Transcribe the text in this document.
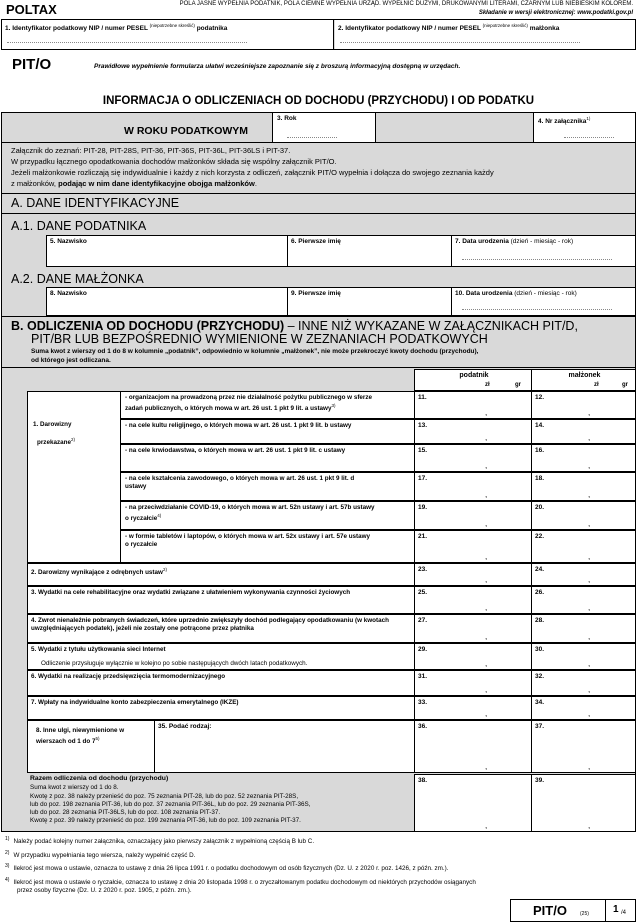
POLTAX	POLA JASNE WYPEŁNIA PODATNIK, POLA CIEMNE WYPEŁNIA URZĄD. WYPEŁNIĆ DUŻYMI, DRUKOWANYMI LITERAMI, CZARNYM LUB NIEBIESKIM KOLOREM.
Składanie w wersji elektronicznej: www.podatki.gov.pl
1. Identyfikator podatkowy NIP / numer PESEL $^{(niepotrzebne skreślić)}$ podatnika	2. Identyfikator podatkowy NIP / numer PESEL $^{(niepotrzebne skreślić)}$ małżonka
PIT/O	Prawidłowe wypełnienie formularza ułatwi wcześniejsze zapoznanie się z broszurą informacyjną dostępną w urzędach.
INFORMACJA O ODLICZENIACH OD DOCHODU (PRZYCHODU) I OD PODATKU
3. Rok	4. Nr załącznika$^{1)}$
W ROKU PODATKOWYM
Załącznik do zeznań: PIT-28, PIT-28S, PIT-36, PIT-36S, PIT-36L, PIT-36LS i PIT-37.
W przypadku łącznego opodatkowania dochodów małżonków składa się wspólny załącznik PIT/O.
Jeżeli małżonkowie rozliczają się indywidualnie i każdy z nich korzysta z odliczeń, załącznik PIT/O wypełnia i dołącza do swojego zeznania każdy
z małżonków, podając w nim dane identyfikacyjne obojga małżonków.
A. DANE IDENTYFIKACYJNE
A.1. DANE PODATNIKA
5. Nazwisko	6. Pierwsze imię	7. Data urodzenia (dzień - miesiąc - rok)
A.2. DANE MAŁŻONKA
8. Nazwisko	9. Pierwsze imię	10. Data urodzenia (dzień - miesiąc - rok)
B. ODLICZENIA OD DOCHODU (PRZYCHODU) – INNE NIŻ WYKAZANE W ZAŁĄCZNIKACH PIT/D,
PIT/BR LUB BEZPOŚREDNIO WYMIENIONE W ZEZNANIACH PODATKOWYCH
Suma kwot z wierszy od 1 do 8 w kolumnie „podatnik”, odpowiednio w kolumnie „małżonek”, nie może przekroczyć kwoty dochodu (przychodu),
od którego jest odliczana.
podatnik
zł	gr
małżonek
zł	gr
1. Darowizny
przekazane$^{2)}$
- organizacjom na prowadzoną przez nie działalność pożytku publicznego w sferze zadań publicznych, o których mowa w art. 26 ust. 1 pkt 9 lit. a ustawy$^{3)}$
11.
,
12.
,
- na cele kultu religijnego, o których mowa w art. 26 ust. 1 pkt 9 lit. b ustawy	13.
,
14.
,
- na cele krwiodawstwa, o których mowa w art. 26 ust. 1 pkt 9 lit. c ustawy	15.
,
16.
,
- na cele kształcenia zawodowego, o których mowa w art. 26 ust. 1 pkt 9 lit. d ustawy
17.
,
18.
,
- na przeciwdziałanie COVID-19, o których mowa w art. 52n ustawy i art. 57b ustawy o ryczałcie$^{4)}$
19.
,
20.
,
- w formie tabletów i laptopów, o których mowa w art. 52x ustawy i art. 57e ustawy o ryczałcie
21.
,
22.
,
2. Darowizny wynikające z odrębnych ustaw$^{2)}$	23.
,
24.
,
3. Wydatki na cele rehabilitacyjne oraz wydatki związane z ułatwieniem wykonywania czynności życiowych	25.
,
26.
,
4. Zwrot nienależnie pobranych świadczeń, które uprzednio zwiększyły dochód podlegający opodatkowaniu (w kwotach uwzględniających podatek), jeżeli nie zostały one potrącone przez płatnika
27.
,
28.
,
5. Wydatki z tytułu użytkowania sieci Internet
Odliczenie przysługuje wyłącznie w kolejno po sobie następujących dwóch latach podatkowych.
29.
,
30.
,
6. Wydatki na realizację przedsięwzięcia termomodernizacyjnego	31.
,
32.
,
7. Wpłaty na indywidualne konto zabezpieczenia emerytalnego (IKZE)	33.
,
34.
,
8. Inne ulgi, niewymienione w wierszach od 1 do 7$^{5)}$
35. Podać rodzaj:	36.
,
37.
,
Razem odliczenia od dochodu (przychodu)
Suma kwot z wierszy od 1 do 8.
Kwotę z poz. 38 należy przenieść do poz. 75 zeznania PIT-28, lub do poz. 52 zeznania PIT-28S,
lub do poz. 198 zeznania PIT-36, lub do poz. 37 zeznania PIT-36L, lub do poz. 29 zeznania PIT-36S,
lub do poz. 28 zeznania PIT-36LS, lub do poz. 108 zeznania PIT-37.
Kwotę z poz. 39 należy przenieść do poz. 199 zeznania PIT-36, lub do poz. 109 zeznania PIT-37.
38.
,
39.
,
$^{1)}$ Należy podać kolejny numer załącznika, oznaczający jako pierwszy załącznik z wypełnioną częścią B lub C.
$^{2)}$ W przypadku wypełniania tego wiersza, należy wypełnić część D.
$^{3)}$ Ilekroć jest mowa o ustawie, oznacza to ustawę z dnia 26 lipca 1991 r. o podatku dochodowym od osób fizycznych (Dz. U. z 2020 r. poz. 1426, z późn. zm.).
$^{4)}$ Ilekroć jest mowa o ustawie o ryczałcie, oznacza to ustawę z dnia 20 listopada 1998 r. o zryczałtowanym podatku dochodowym od niektórych przychodów osiąganych
przez osoby fizyczne (Dz. U. z 2020 r. poz. 1905, z późn. zm.).
PIT/O	(25) 1 /4
